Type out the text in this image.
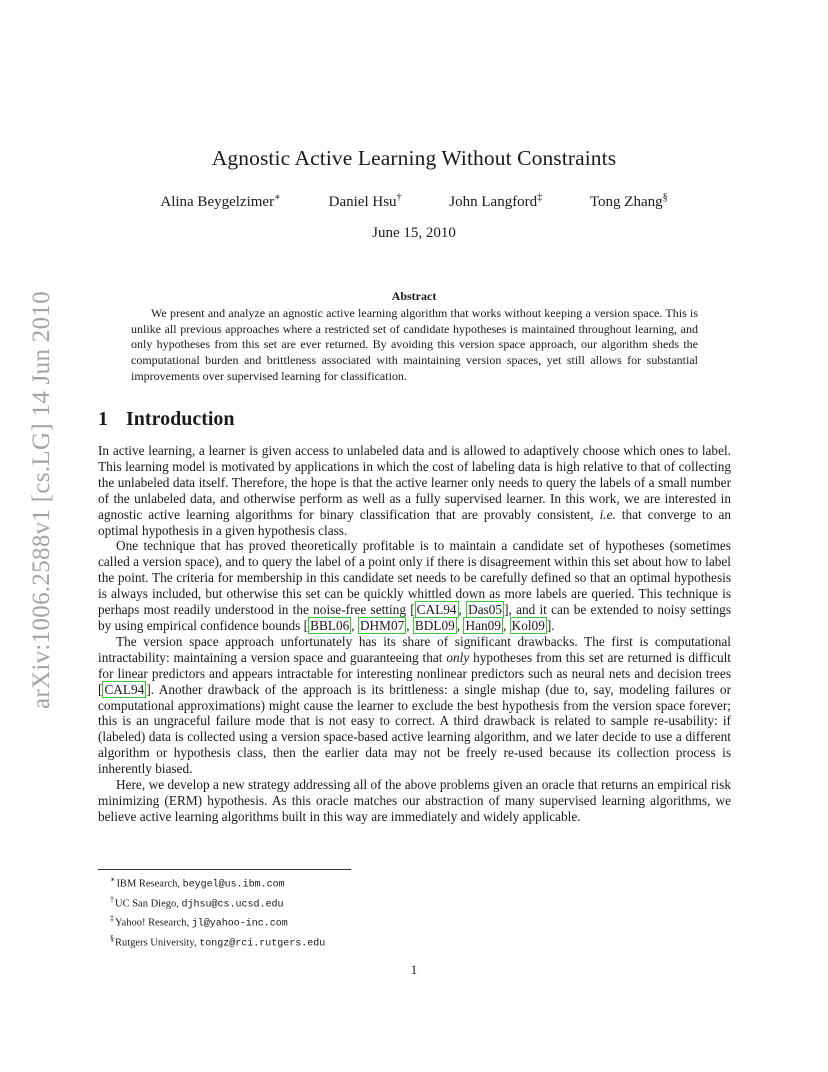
arXiv:1006.2588v1 [cs.LG] 14 Jun 2010
Agnostic Active Learning Without Constraints
Alina Beygelzimer∗	Daniel Hsu†	John Langford‡	Tong Zhang§
June 15, 2010
Abstract

We present and analyze an agnostic active learning algorithm that works without keeping a version space. This is unlike all previous approaches where a restricted set of candidate hypotheses is maintained throughout learning, and only hypotheses from this set are ever returned. By avoiding this version space approach, our algorithm sheds the computational burden and brittleness associated with maintaining version spaces, yet still allows for substantial improvements over supervised learning for classification.

1 Introduction

In active learning, a learner is given access to unlabeled data and is allowed to adaptively choose which ones to label. This learning model is motivated by applications in which the cost of labeling data is high relative to that of collecting the unlabeled data itself. Therefore, the hope is that the active learner only needs to query the labels of a small number of the unlabeled data, and otherwise perform as well as a fully supervised learner. In this work, we are interested in agnostic active learning algorithms for binary classification that are provably consistent, i.e. that converge to an optimal hypothesis in a given hypothesis class.

One technique that has proved theoretically profitable is to maintain a candidate set of hypotheses (sometimes called a version space), and to query the label of a point only if there is disagreement within this set about how to label the point. The criteria for membership in this candidate set needs to be carefully defined so that an optimal hypothesis is always included, but otherwise this set can be quickly whittled down as more labels are queried. This technique is perhaps most readily understood in the noise-free setting [ CAL94 , Das05 ], and it can be extended to noisy settings by using empirical confidence bounds [ BBL06 , DHM07 , BDL09 , Han09 , Kol09 ].

The version space approach unfortunately has its share of significant drawbacks. The first is computational intractability: maintaining a version space and guaranteeing that only hypotheses from this set are returned is difficult for linear predictors and appears intractable for interesting nonlinear predictors such as neural nets and decision trees [ CAL94 ]. Another drawback of the approach is its brittleness: a single mishap (due to, say, modeling failures or computational approximations) might cause the learner to exclude the best hypothesis from the version space forever; this is an ungraceful failure mode that is not easy to correct. A third drawback is related to sample re-usability: if (labeled) data is collected using a version space-based active learning algorithm, and we later decide to use a different algorithm or hypothesis class, then the earlier data may not be freely re-used because its collection process is inherently biased.

Here, we develop a new strategy addressing all of the above problems given an oracle that returns an empirical risk minimizing (ERM) hypothesis. As this oracle matches our abstraction of many supervised learning algorithms, we believe active learning algorithms built in this way are immediately and widely applicable.

∗IBM Research, beygel@us.ibm.com
†UC San Diego, djhsu@cs.ucsd.edu
‡Yahoo! Research, jl@yahoo-inc.com
§Rutgers University, tongz@rci.rutgers.edu
1
